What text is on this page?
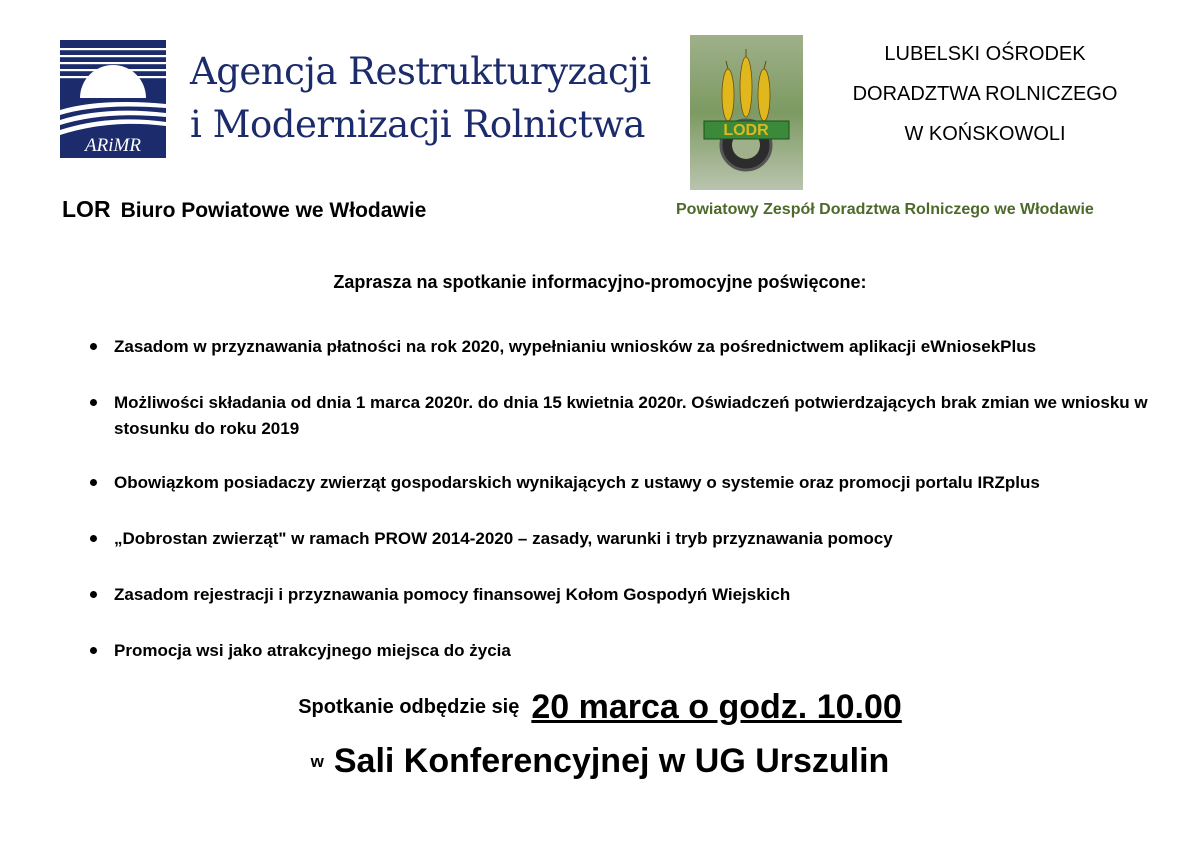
ARiMR
Agencja Restrukturyzacji
i Modernizacji Rolnictwa
LOR Biuro Powiatowe we Włodawie
LODR
LUBELSKI OŚRODEK
DORADZTWA ROLNICZEGO
W KOŃSKOWOLI
Powiatowy Zespół Doradztwa Rolniczego we Włodawie
Zaprasza na spotkanie informacyjno-promocyjne poświęcone:
Zasadom w przyznawania płatności na rok 2020, wypełnianiu wniosków za pośrednictwem aplikacji eWniosekPlus
Możliwości składania od dnia 1 marca 2020r. do dnia 15 kwietnia 2020r. Oświadczeń potwierdzających brak zmian we wniosku w stosunku do roku 2019
Obowiązkom posiadaczy zwierząt gospodarskich wynikających z ustawy o systemie oraz promocji portalu IRZplus
„Dobrostan zwierząt" w ramach PROW 2014-2020 – zasady, warunki i tryb przyznawania pomocy
Zasadom rejestracji i przyznawania pomocy finansowej Kołom Gospodyń Wiejskich
Promocja wsi jako atrakcyjnego miejsca do życia
Spotkanie odbędzie się 20 marca o godz. 10.00
w Sali Konferencyjnej w UG Urszulin
